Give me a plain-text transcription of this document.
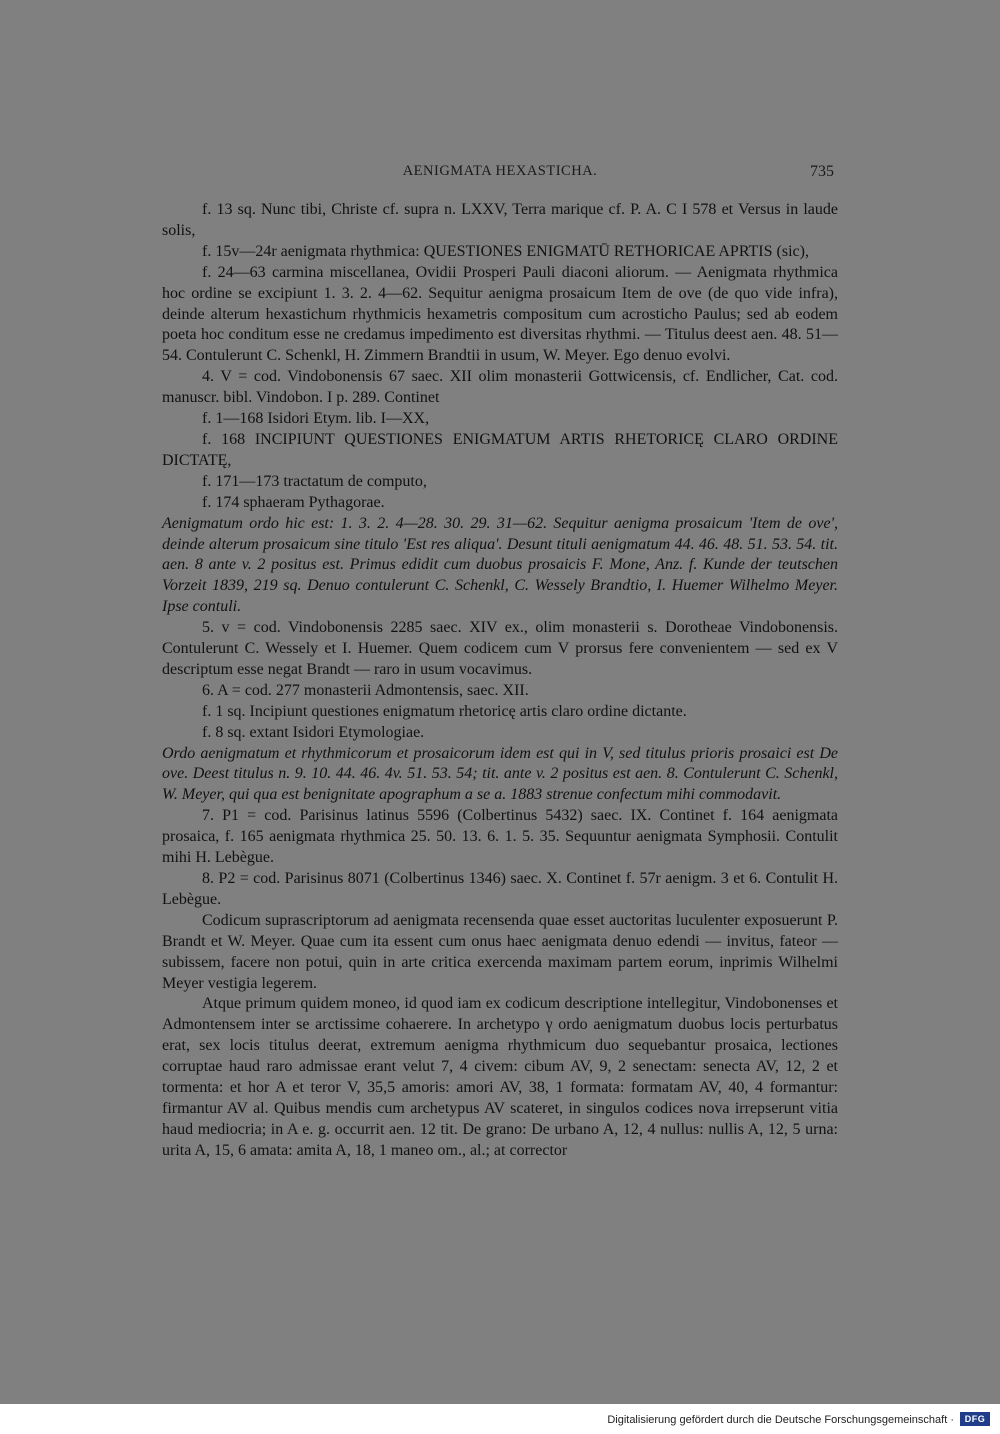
AENIGMATA HEXASTICHA.	735

f. 13 sq. Nunc tibi, Christe cf. supra n. LXXV, Terra marique cf. P. A. C I 578 et Versus in laude solis,

f. 15v—24r aenigmata rhythmica: QUESTIONES ENIGMATŪ RETHORICAE APRTIS (sic),

f. 24—63 carmina miscellanea, Ovidii Prosperi Pauli diaconi aliorum. — Aenigmata rhythmica hoc ordine se excipiunt 1. 3. 2. 4—62. Sequitur aenigma prosaicum Item de ove (de quo vide infra), deinde alterum hexastichum rhythmicis hexametris compositum cum acrosticho Paulus; sed ab eodem poeta hoc conditum esse ne credamus impedimento est diversitas rhythmi. — Titulus deest aen. 48. 51—54. Contulerunt C. Schenkl, H. Zimmern Brandtii in usum, W. Meyer. Ego denuo evolvi.

4. V = cod. Vindobonensis 67 saec. XII olim monasterii Gottwicensis, cf. Endlicher, Cat. cod. manuscr. bibl. Vindobon. I p. 289. Continet

f. 1—168 Isidori Etym. lib. I—XX,

f. 168 INCIPIUNT QUESTIONES ENIGMATUM ARTIS RHETORICĘ CLARO ORDINE DICTATĘ,

f. 171—173 tractatum de computo,

f. 174 sphaeram Pythagorae.

Aenigmatum ordo hic est: 1. 3. 2. 4—28. 30. 29. 31—62. Sequitur aenigma prosaicum 'Item de ove', deinde alterum prosaicum sine titulo 'Est res aliqua'. Desunt tituli aenigmatum 44. 46. 48. 51. 53. 54. tit. aen. 8 ante v. 2 positus est. Primus edidit cum duobus prosaicis F. Mone, Anz. f. Kunde der teutschen Vorzeit 1839, 219 sq. Denuo contulerunt C. Schenkl, C. Wessely Brandtio, I. Huemer Wilhelmo Meyer. Ipse contuli.

5. v = cod. Vindobonensis 2285 saec. XIV ex., olim monasterii s. Dorotheae Vindobonensis. Contulerunt C. Wessely et I. Huemer. Quem codicem cum V prorsus fere convenientem — sed ex V descriptum esse negat Brandt — raro in usum vocavimus.

6. A = cod. 277 monasterii Admontensis, saec. XII.

f. 1 sq. Incipiunt questiones enigmatum rhetoricę artis claro ordine dictante.

f. 8 sq. extant Isidori Etymologiae.

Ordo aenigmatum et rhythmicorum et prosaicorum idem est qui in V, sed titulus prioris prosaici est De ove. Deest titulus n. 9. 10. 44. 46. 4v. 51. 53. 54; tit. ante v. 2 positus est aen. 8. Contulerunt C. Schenkl, W. Meyer, qui qua est benignitate apographum a se a. 1883 strenue confectum mihi commodavit.

7. P1 = cod. Parisinus latinus 5596 (Colbertinus 5432) saec. IX. Continet f. 164 aenigmata prosaica, f. 165 aenigmata rhythmica 25. 50. 13. 6. 1. 5. 35. Sequuntur aenigmata Symphosii. Contulit mihi H. Lebègue.

8. P2 = cod. Parisinus 8071 (Colbertinus 1346) saec. X. Continet f. 57r aenigm. 3 et 6. Contulit H. Lebègue.

Codicum suprascriptorum ad aenigmata recensenda quae esset auctoritas luculenter exposuerunt P. Brandt et W. Meyer. Quae cum ita essent cum onus haec aenigmata denuo edendi — invitus, fateor — subissem, facere non potui, quin in arte critica exercenda maximam partem eorum, inprimis Wilhelmi Meyer vestigia legerem.

Atque primum quidem moneo, id quod iam ex codicum descriptione intellegitur, Vindobonenses et Admontensem inter se arctissime cohaerere. In archetypo γ ordo aenigmatum duobus locis perturbatus erat, sex locis titulus deerat, extremum aenigma rhythmicum duo sequebantur prosaica, lectiones corruptae haud raro admissae erant velut 7, 4 civem: cibum AV, 9, 2 senectam: senecta AV, 12, 2 et tormenta: et hor A et teror V, 35,5 amoris: amori AV, 38, 1 formata: formatam AV, 40, 4 formantur: firmantur AV al. Quibus mendis cum archetypus AV scateret, in singulos codices nova irrepserunt vitia haud mediocria; in A e. g. occurrit aen. 12 tit. De grano: De urbano A, 12, 4 nullus: nullis A, 12, 5 urna: urita A, 15, 6 amata: amita A, 18, 1 maneo om., al.; at corrector

Digitalisierung gefördert durch die Deutsche Forschungsgemeinschaft ·	DFG
